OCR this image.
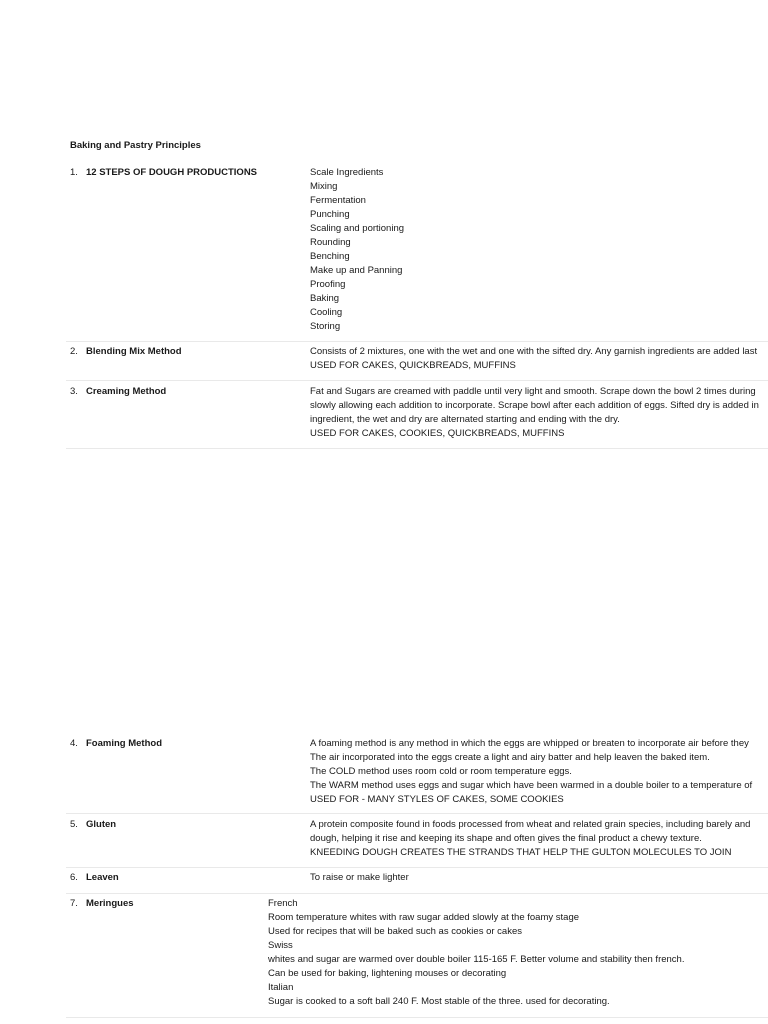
Baking and Pastry Principles
1. 12 STEPS OF DOUGH PRODUCTIONS	Scale Ingredients
Mixing
Fermentation
Punching
Scaling and portioning
Rounding
Benching
Make up and Panning
Proofing
Baking
Cooling
Storing
2. Blending Mix Method	Consists of 2 mixtures, one with the wet and one with the sifted dry. Any garnish ingredients are added last
USED FOR CAKES, QUICKBREADS, MUFFINS
3. Creaming Method	Fat and Sugars are creamed with paddle until very light and smooth. Scrape down the bowl 2 times during
slowly allowing each addition to incorporate. Scrape bowl after each addition of eggs. Sifted dry is added in
ingredient, the wet and dry are alternated starting and ending with the dry.
USED FOR CAKES, COOKIES, QUICKBREADS, MUFFINS
4. Foaming Method	A foaming method is any method in which the eggs are whipped or breaten to incorporate air before they
The air incorporated into the eggs create a light and airy batter and help leaven the baked item.
The COLD method uses room cold or room temperature eggs.
The WARM method uses eggs and sugar which have been warmed in a double boiler to a temperature of
USED FOR - MANY STYLES OF CAKES, SOME COOKIES
5. Gluten	A protein composite found in foods processed from wheat and related grain species, including barely and
dough, helping it rise and keeping its shape and often gives the final product a chewy texture.
KNEEDING DOUGH CREATES THE STRANDS THAT HELP THE GULTON MOLECULES TO JOIN
6. Leaven	To raise or make lighter
7. Meringues	French
Room temperature whites with raw sugar added slowly at the foamy stage
Used for recipes that will be baked such as cookies or cakes
Swiss
whites and sugar are warmed over double boiler 115-165 F. Better volume and stability then french.
Can be used for baking, lightening mouses or decorating
Italian
Sugar is cooked to a soft ball 240 F. Most stable of the three. used for decorating.
